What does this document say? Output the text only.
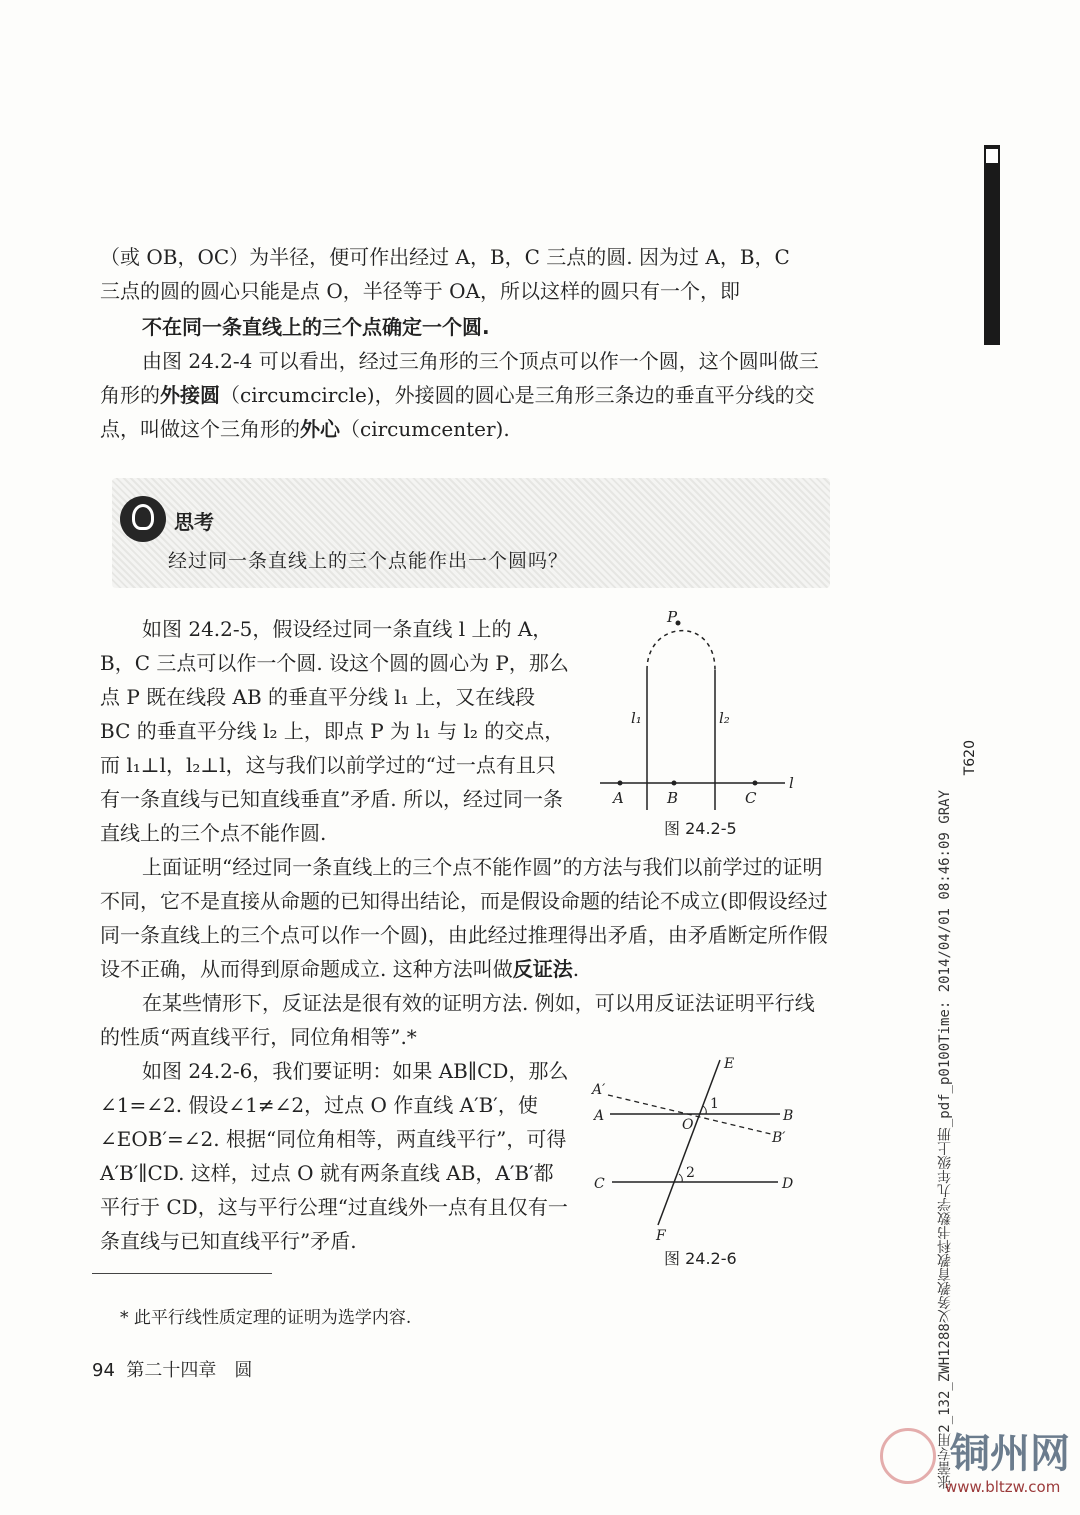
（或 OB，OC）为半径，便可作出经过 A，B，C 三点的圆. 因为过 A，B，C
三点的圆的圆心只能是点 O，半径等于 OA，所以这样的圆只有一个，即

不在同一条直线上的三个点确定一个圆.

由图 24.2-4 可以看出，经过三角形的三个顶点可以作一个圆，这个圆叫做三角形的外接圆（circumcircle)，外接圆的圆心是三角形三条边的垂直平分线的交点，叫做这个三角形的外心（circumcenter).

思考
经过同一条直线上的三个点能作出一个圆吗？

如图 24.2-5，假设经过同一条直线 l 上的 A，B，C 三点可以作一个圆. 设这个圆的圆心为 P，那么点 P 既在线段 AB 的垂直平分线 l₁ 上，又在线段 BC 的垂直平分线 l₂ 上，即点 P 为 l₁ 与 l₂ 的交点，而 l₁⊥l，l₂⊥l，这与我们以前学过的“过一点有且只有一条直线与已知直线垂直”矛盾. 所以，经过同一条直线上的三个点不能作圆.

P
l₁	l₂
l
A	B	C
图 24.2-5

上面证明“经过同一条直线上的三个点不能作圆”的方法与我们以前学过的证明不同，它不是直接从命题的已知得出结论，而是假设命题的结论不成立(即假设经过同一条直线上的三个点可以作一个圆)，由此经过推理得出矛盾，由矛盾断定所作假设不正确，从而得到原命题成立. 这种方法叫做反证法.

在某些情形下，反证法是很有效的证明方法. 例如，可以用反证法证明平行线的性质“两直线平行，同位角相等”.*

如图 24.2-6，我们要证明：如果 AB∥CD，那么∠1=∠2. 假设∠1≠∠2，过点 O 作直线 A′B′，使∠EOB′=∠2. 根据“同位角相等，两直线平行”，可得 A′B′∥CD. 这样，过点 O 就有两条直线 AB，A′B′都平行于 CD，这与平行公理“过直线外一点有且仅有一条直线与已知直线平行”矛盾.

E
A′
A
O
1
B
B′
C
2
D
F
图 24.2-6
* 此平行线性质定理的证明为选学内容.
94 第二十四章　圆
T620
张蕾专用2_132_ZWH1288义务教育教科书数学九年级上册_pdf_p0100Time: 2014/04/01 08:46:09 GRAY
铜州网
www.bltzw.com
